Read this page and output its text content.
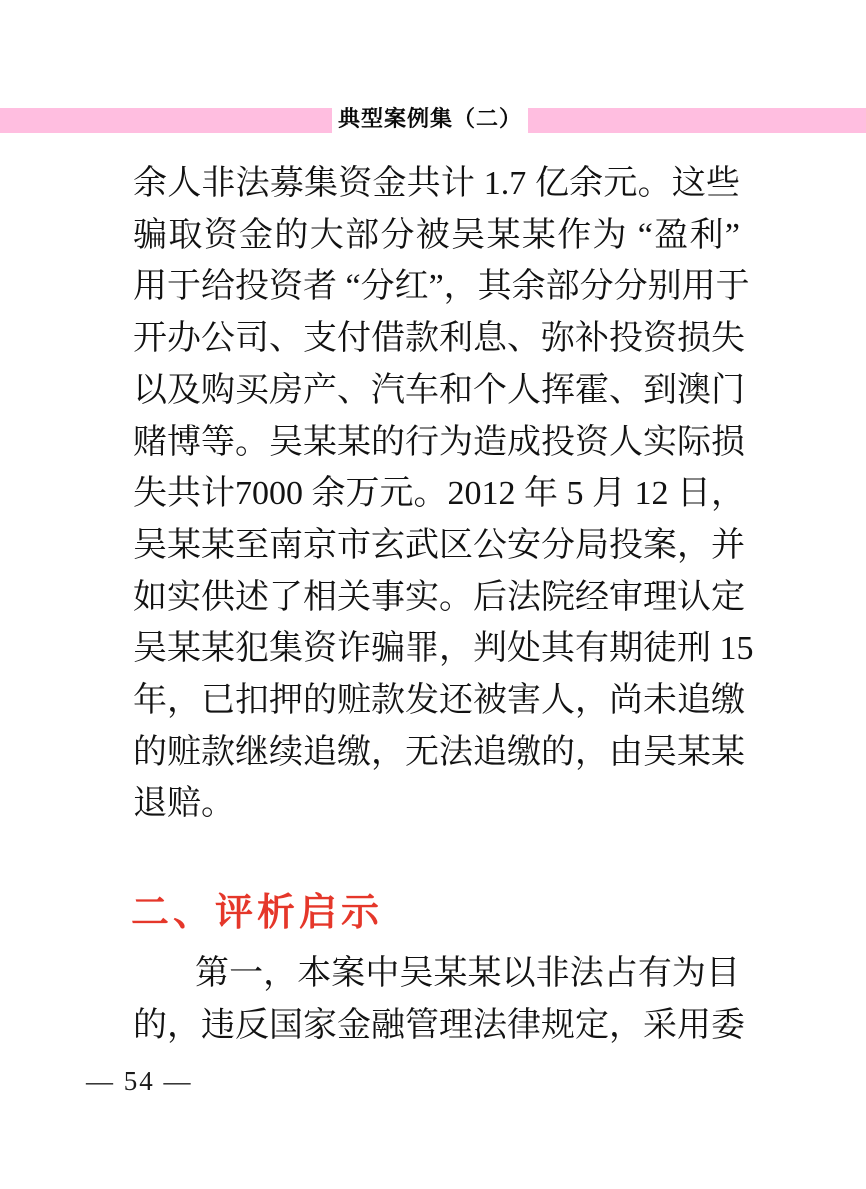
典型案例集（二）
余人非法募集资金共计 1.7 亿余元。这些
骗取资金的大部分被吴某某作为 “盈利”
用于给投资者 “分红”，其余部分分别用于
开办公司、支付借款利息、弥补投资损失
以及购买房产、汽车和个人挥霍、到澳门
赌博等。吴某某的行为造成投资人实际损
失共计7000 余万元。2012 年 5 月 12 日，
吴某某至南京市玄武区公安分局投案，并
如实供述了相关事实。后法院经审理认定
吴某某犯集资诈骗罪，判处其有期徒刑 15
年，已扣押的赃款发还被害人，尚未追缴
的赃款继续追缴，无法追缴的，由吴某某
退赔。
二、评析启示
第一，本案中吴某某以非法占有为目
的，违反国家金融管理法律规定，采用委
— 54 —
